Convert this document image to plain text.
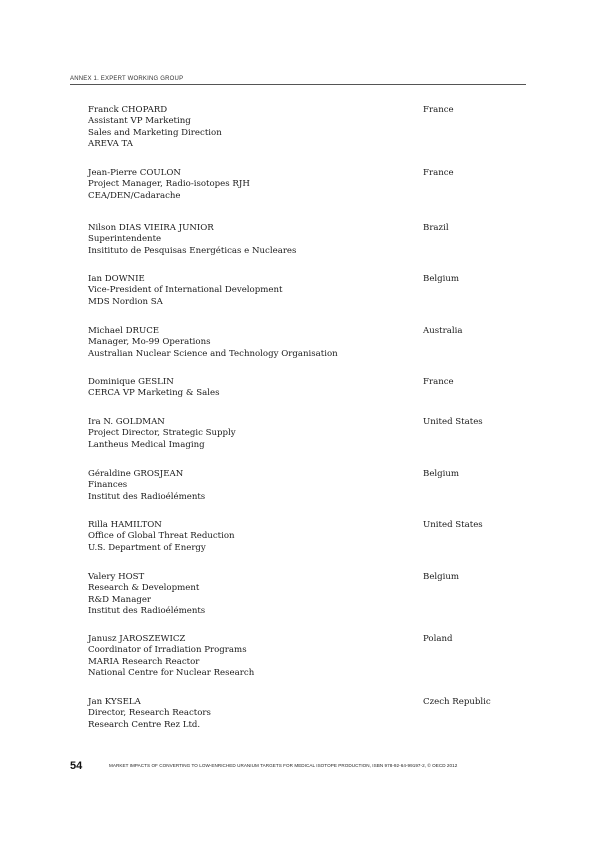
ANNEX 1. EXPERT WORKING GROUP
Franck CHOPARD
Assistant VP Marketing
Sales and Marketing Direction
AREVA TA
France
Jean-Pierre COULON
Project Manager, Radio-isotopes RJH
CEA/DEN/Cadarache
France
Nilson DIAS VIEIRA JUNIOR
Superintendente
Insitituto de Pesquisas Energéticas e Nucleares
Brazil
Ian DOWNIE
Vice-President of International Development
MDS Nordion SA
Belgium
Michael DRUCE
Manager, Mo-99 Operations
Australian Nuclear Science and Technology Organisation
Australia
Dominique GESLIN
CERCA VP Marketing & Sales
France
Ira N. GOLDMAN
Project Director, Strategic Supply
Lantheus Medical Imaging
United States
Géraldine GROSJEAN
Finances
Institut des Radioéléments
Belgium
Rilla HAMILTON
Office of Global Threat Reduction
U.S. Department of Energy
United States
Valery HOST
Research & Development
R&D Manager
Institut des Radioéléments
Belgium
Janusz JAROSZEWICZ
Coordinator of Irradiation Programs
MARIA Research Reactor
National Centre for Nuclear Research
Poland
Jan KYSELA
Director, Research Reactors
Research Centre Rez Ltd.
Czech Republic
54	MARKET IMPACTS OF CONVERTING TO LOW-ENRICHED URANIUM TARGETS FOR MEDICAL ISOTOPE PRODUCTION, ISBN 978-92-64-99197-2, © OECD 2012
